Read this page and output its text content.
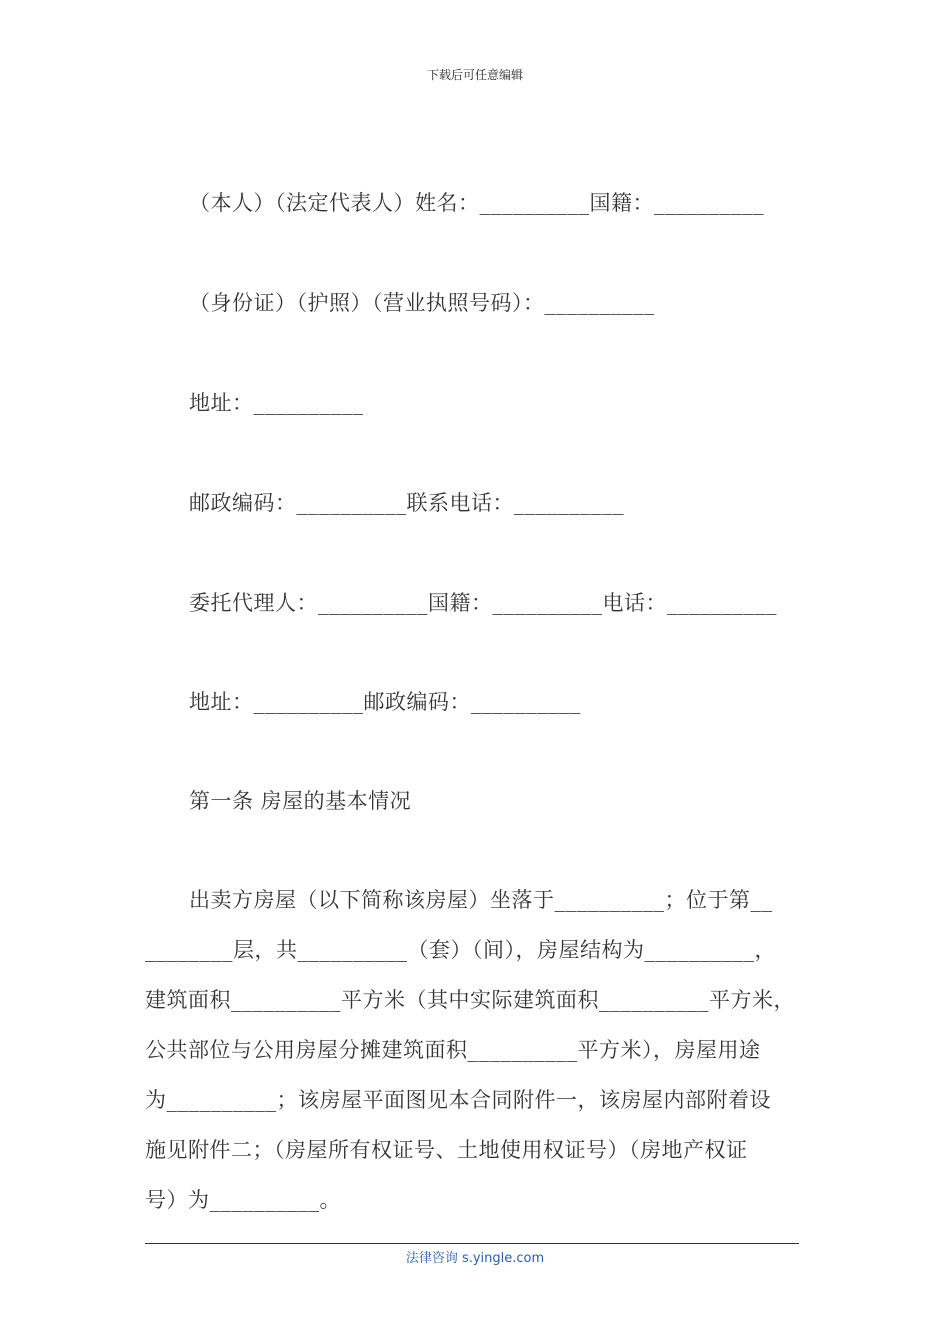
下载后可任意编辑
（本人）（法定代表人）姓名：__________国籍：__________
（身份证）（护照）（营业执照号码）：__________
地址：__________
邮政编码：__________联系电话：__________
委托代理人：__________国籍：__________电话：__________
地址：__________邮政编码：__________
第一条 房屋的基本情况
出卖方房屋（以下简称该房屋）坐落于__________；位于第__
________层，共__________（套）（间），房屋结构为__________，
建筑面积__________平方米（其中实际建筑面积__________平方米，
公共部位与公用房屋分摊建筑面积__________平方米），房屋用途
为__________；该房屋平面图见本合同附件一，该房屋内部附着设
施见附件二；（房屋所有权证号、土地使用权证号）（房地产权证
号）为__________。
法律咨询 s.yingle.com
